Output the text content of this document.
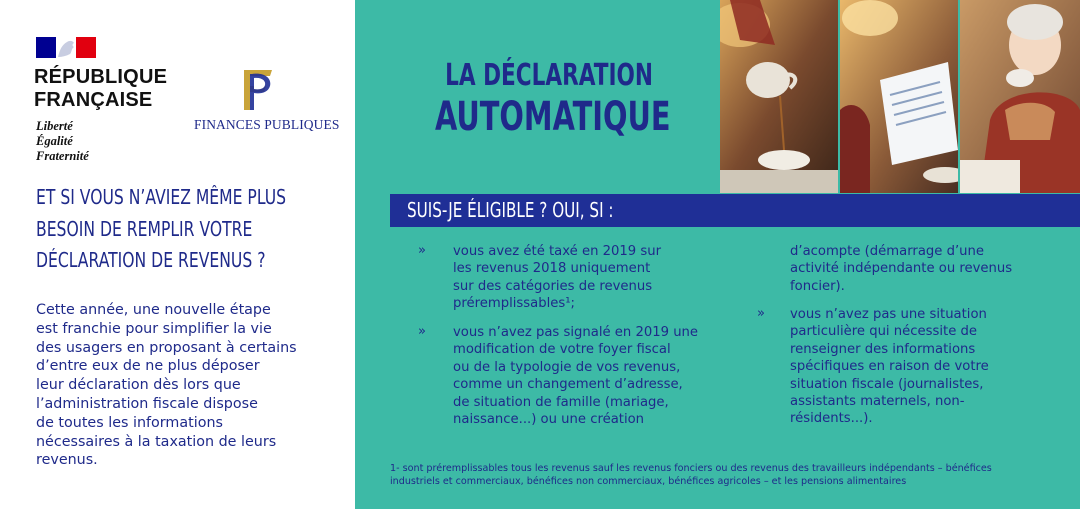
RÉPUBLIQUE
FRANÇAISE
Liberté
Égalité
Fraternité
FINANCES PUBLIQUES
ET SI VOUS N’AVIEZ MÊME PLUS
BESOIN DE REMPLIR VOTRE
DÉCLARATION DE REVENUS ?
Cette année, une nouvelle étape
est franchie pour simplifier la vie
des usagers en proposant à certains
d’entre eux de ne plus déposer
leur déclaration dès lors que
l’administration fiscale dispose
de toutes les informations
nécessaires à la taxation de leurs
revenus.
LA DÉCLARATION
AUTOMATIQUE
SUIS-JE ÉLIGIBLE ? OUI, SI :
» vous avez été taxé en 2019 sur
les revenus 2018 uniquement
sur des catégories de revenus
préremplissables¹;
» vous n’avez pas signalé en 2019 une
modification de votre foyer fiscal
ou de la typologie de vos revenus,
comme un changement d’adresse,
de situation de famille (mariage,
naissance...) ou une création
d’acompte (démarrage d’une
activité indépendante ou revenus
foncier).
» vous n’avez pas une situation
particulière qui nécessite de
renseigner des informations
spécifiques en raison de votre
situation fiscale (journalistes,
assistants maternels, non-
résidents...).
1- sont préremplissables tous les revenus sauf les revenus fonciers ou des revenus des travailleurs indépendants – bénéfices
industriels et commerciaux, bénéfices non commerciaux, bénéfices agricoles – et les pensions alimentaires
